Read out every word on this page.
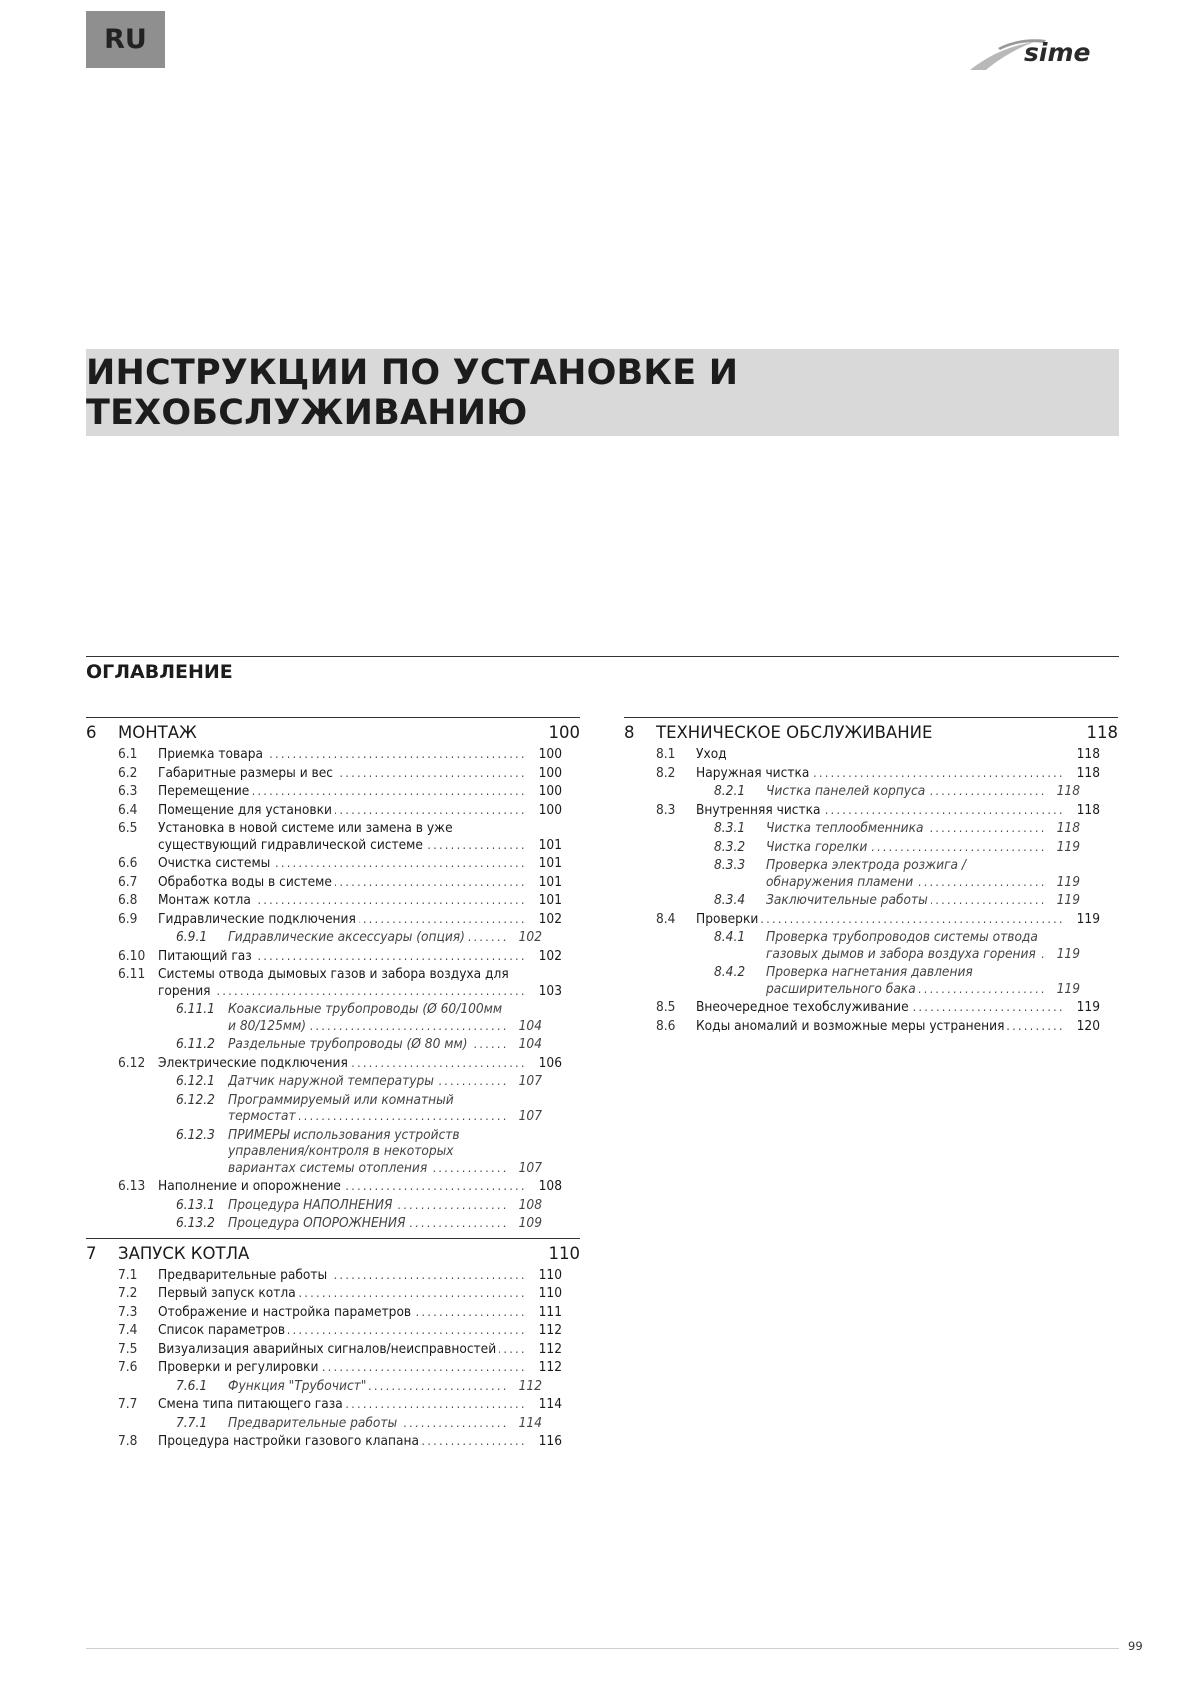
RU	sime
ИНСТРУКЦИИ ПО УСТАНОВКЕ И ТЕХОБСЛУЖИВАНИЮ
ОГЛАВЛЕНИЕ
6	МОНТАЖ	100
6.1	Приемка товара . . .	100
6.2	Габаритные размеры и вес . . .	100
6.3	Перемещение . . .	100
6.4	Помещение для установки . . .	100
6.5	Установка в новой системе или замена в уже существующий гидравлической системе . . .	101
6.6	Очистка системы . . .	101
6.7	Обработка воды в системе . . .	101
6.8	Монтаж котла . . .	101
6.9	Гидравлические подключения . . .	102
6.9.1	Гидравлические аксессуары (опция) . . .	102
6.10 Питающий газ . . .	102
6.11 Системы отвода дымовых газов и забора воздуха для горения . . .	103
6.11.1 Коаксиальные трубопроводы (Ø 60/100мм и 80/125мм) . . .	104
6.11.2 Раздельные трубопроводы (Ø 80 мм) . . .	104
6.12 Электрические подключения . . .	106
6.12.1 Датчик наружной температуры . . .	107
6.12.2 Программируемый или комнатный термостат . . .	107
6.12.3 ПРИМЕРЫ использования устройств управления/контроля в некоторых вариантах системы отопления . . .	107
6.13 Наполнение и опорожнение . . .	108
6.13.1 Процедура НАПОЛНЕНИЯ . . .	108
6.13.2 Процедура ОПОРОЖНЕНИЯ . . .	109
7	ЗАПУСК КОТЛА	110
7.1	Предварительные работы . . .	110
7.2	Первый запуск котла . . .	110
7.3	Отображение и настройка параметров . . .	111
7.4	Список параметров . . .	112
7.5	Визуализация аварийных сигналов/неисправностей . . .	112
7.6	Проверки и регулировки . . .	112
7.6.1	Функция "Трубочист" . . .	112
7.7	Смена типа питающего газа . . .	114
7.7.1	Предварительные работы . . .	114
7.8	Процедура настройки газового клапана . . .	116
8	ТЕХНИЧЕСКОЕ ОБСЛУЖИВАНИЕ	118
8.1	Уход	118
8.2	Наружная чистка . . .	118
8.2.1	Чистка панелей корпуса . . .	118
8.3	Внутренняя чистка . . .	118
8.3.1	Чистка теплообменника . . .	118
8.3.2	Чистка горелки . . .	119
8.3.3	Проверка электрода розжига / обнаружения пламени . . .	119
8.3.4	Заключительные работы . . .	119
8.4	Проверки . . .	119
8.4.1	Проверка трубопроводов системы отвода газовых дымов и забора воздуха горения . . .	119
8.4.2	Проверка нагнетания давления расширительного бака . . .	119
8.5	Внеочередное техобслуживание . . .	119
8.6	Коды аномалий и возможные меры устранения . . .	120
99
